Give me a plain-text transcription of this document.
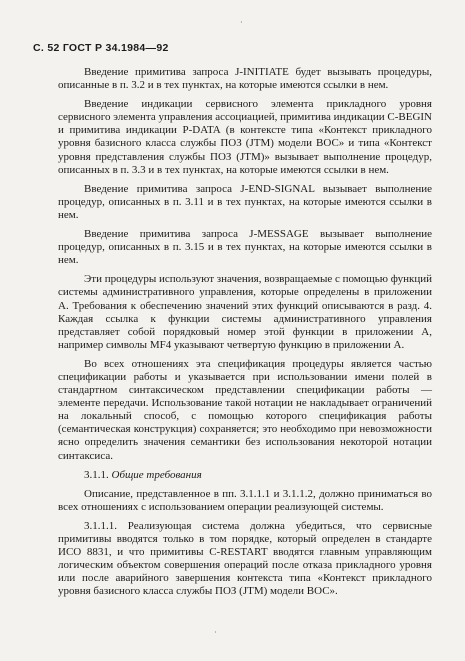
·
С. 52 ГОСТ Р 34.1984—92

Введение примитива запроса J-INITIATE будет вызывать процедуры, описанные в п. 3.2 и в тех пунктах, на которые имеются ссылки в нем.

Введение индикации сервисного элемента прикладного уровня сервисного элемента управления ассоциацией, примитива индикации C-BEGIN и примитива индикации P-DATA (в контексте типа «Контекст прикладного уровня базисного класса службы ПОЗ (JTM) модели ВОС» и типа «Контекст уровня представления службы ПОЗ (JTM)» вызывает выполнение процедур, описанных в п. 3.3 и в тех пунктах, на которые имеются ссылки в нем.

Введение примитива запроса J-END-SIGNAL вызывает выполнение процедур, описанных в п. 3.11 и в тех пунктах, на которые имеются ссылки в нем.

Введение примитива запроса J-MESSAGE вызывает выполнение процедур, описанных в п. 3.15 и в тех пунктах, на которые имеются ссылки в нем.

Эти процедуры используют значения, возвращаемые с помощью функций системы административного управления, которые определены в приложении А. Требования к обеспечению значений этих функций описываются в разд. 4. Каждая ссылка к функции системы административного управления представляет собой порядковый номер этой функции в приложении А, например символы MF4 указывают четвертую функцию в приложении А.

Во всех отношениях эта спецификация процедуры является частью спецификации работы и указывается при использовании имени полей в стандартном синтаксическом представлении спецификации работы — элементе передачи. Использование такой нотации не накладывает ограничений на локальный способ, с помощью которого спецификация работы (семантическая конструкция) сохраняется; это необходимо при невозможности ясно определить значения семантики без использования некоторой нотации синтаксиса.

3.1.1. Общие требования

Описание, представленное в пп. 3.1.1.1 и 3.1.1.2, должно приниматься во всех отношениях с использованием операции реализующей системы.

3.1.1.1. Реализующая система должна убедиться, что сервисные примитивы вводятся только в том порядке, который определен в стандарте ИСО 8831, и что примитивы C-RESTART вводятся главным управляющим логическим объектом совершения операций после отказа прикладного уровня или после аварийного завершения контекста типа «Контекст прикладного уровня базисного класса службы ПОЗ (JTM) модели ВОС».

·
